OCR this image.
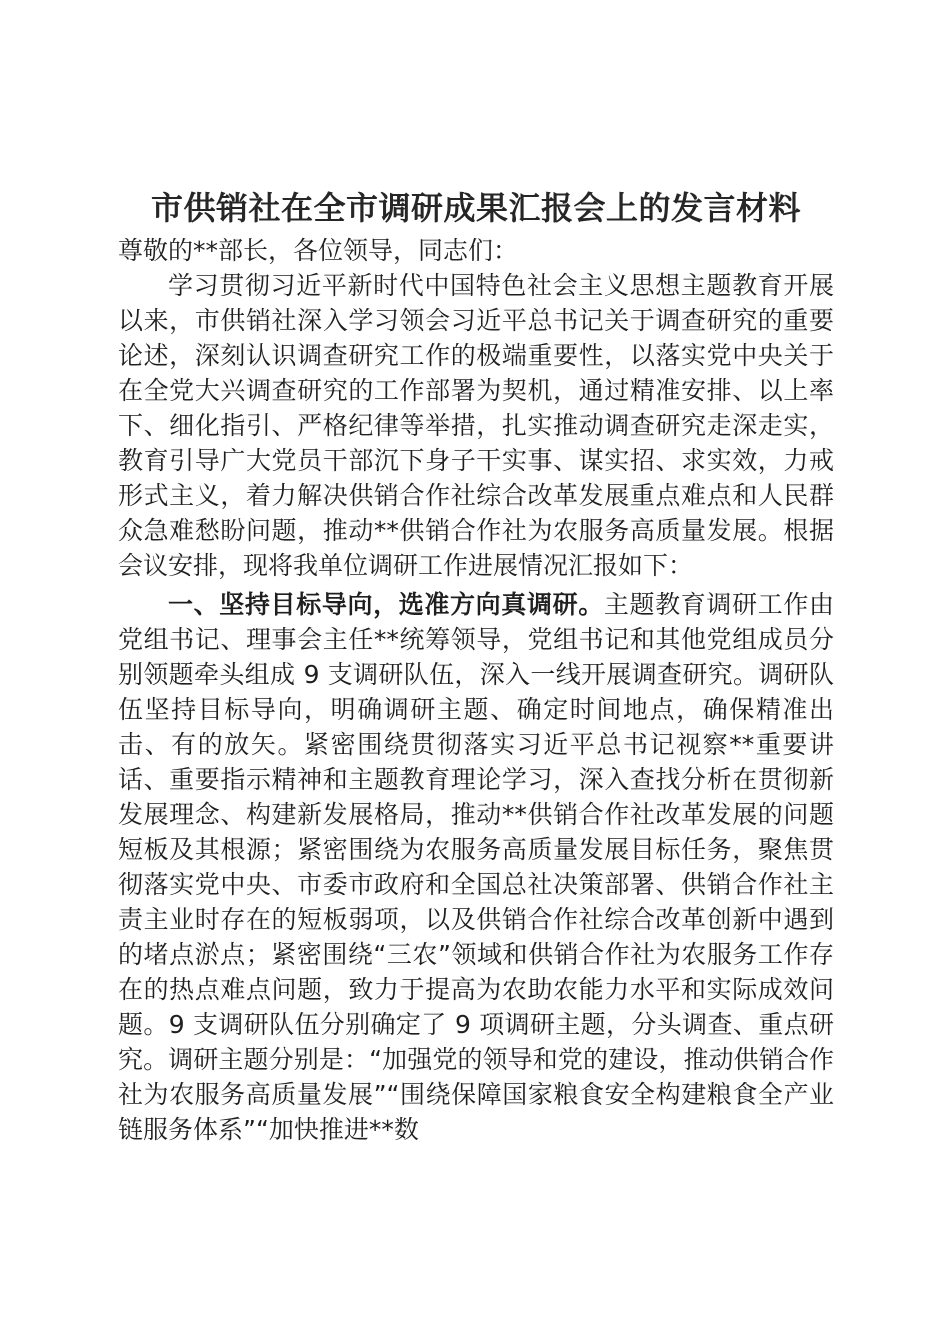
市供销社在全市调研成果汇报会上的发言材料

尊敬的**部长，各位领导，同志们：

学习贯彻习近平新时代中国特色社会主义思想主题教育开展以来，市供销社深入学习领会习近平总书记关于调查研究的重要论述，深刻认识调查研究工作的极端重要性，以落实党中央关于在全党大兴调查研究的工作部署为契机，通过精准安排、以上率下、细化指引、严格纪律等举措，扎实推动调查研究走深走实，教育引导广大党员干部沉下身子干实事、谋实招、求实效，力戒形式主义，着力解决供销合作社综合改革发展重点难点和人民群众急难愁盼问题，推动**供销合作社为农服务高质量发展。根据会议安排，现将我单位调研工作进展情况汇报如下：

一、坚持目标导向，选准方向真调研。主题教育调研工作由党组书记、理事会主任**统筹领导，党组书记和其他党组成员分别领题牵头组成 9 支调研队伍，深入一线开展调查研究。调研队伍坚持目标导向，明确调研主题、确定时间地点，确保精准出击、有的放矢。紧密围绕贯彻落实习近平总书记视察**重要讲话、重要指示精神和主题教育理论学习，深入查找分析在贯彻新发展理念、构建新发展格局，推动**供销合作社改革发展的问题短板及其根源；紧密围绕为农服务高质量发展目标任务，聚焦贯彻落实党中央、市委市政府和全国总社决策部署、供销合作社主责主业时存在的短板弱项，以及供销合作社综合改革创新中遇到的堵点淤点；紧密围绕“三农”领域和供销合作社为农服务工作存在的热点难点问题，致力于提高为农助农能力水平和实际成效问题。9 支调研队伍分别确定了 9 项调研主题，分头调查、重点研究。调研主题分别是：“加强党的领导和党的建设，推动供销合作社为农服务高质量发展”“围绕保障国家粮食安全构建粮食全产业链服务体系”“加快推进**数
